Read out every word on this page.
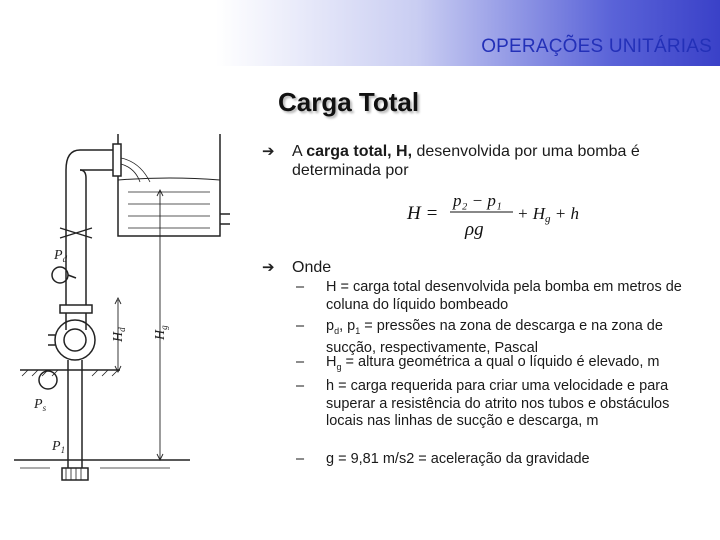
OPERAÇÕES UNITÁRIAS
Carga Total
$P_d$
$P_s$
$P_1$
$H_d$
$H_g$
➔ A carga total, H, desenvolvida por uma bomba é determinada por
H =
p₂ − p₁
ρg
+ Hg + h
➔ Onde
– H = carga total desenvolvida pela bomba em metros de coluna do líquido bombeado
– $p_d$, $p_1$ = pressões na zona de descarga e na zona de sucção, respectivamente, Pascal
– $H_g$ = altura geométrica a qual o líquido é elevado, m
– h = carga requerida para criar uma velocidade e para superar a resistência do atrito nos tubos e obstáculos locais nas linhas de sucção e descarga, m
– g = 9,81 m/s2 = aceleração da gravidade
